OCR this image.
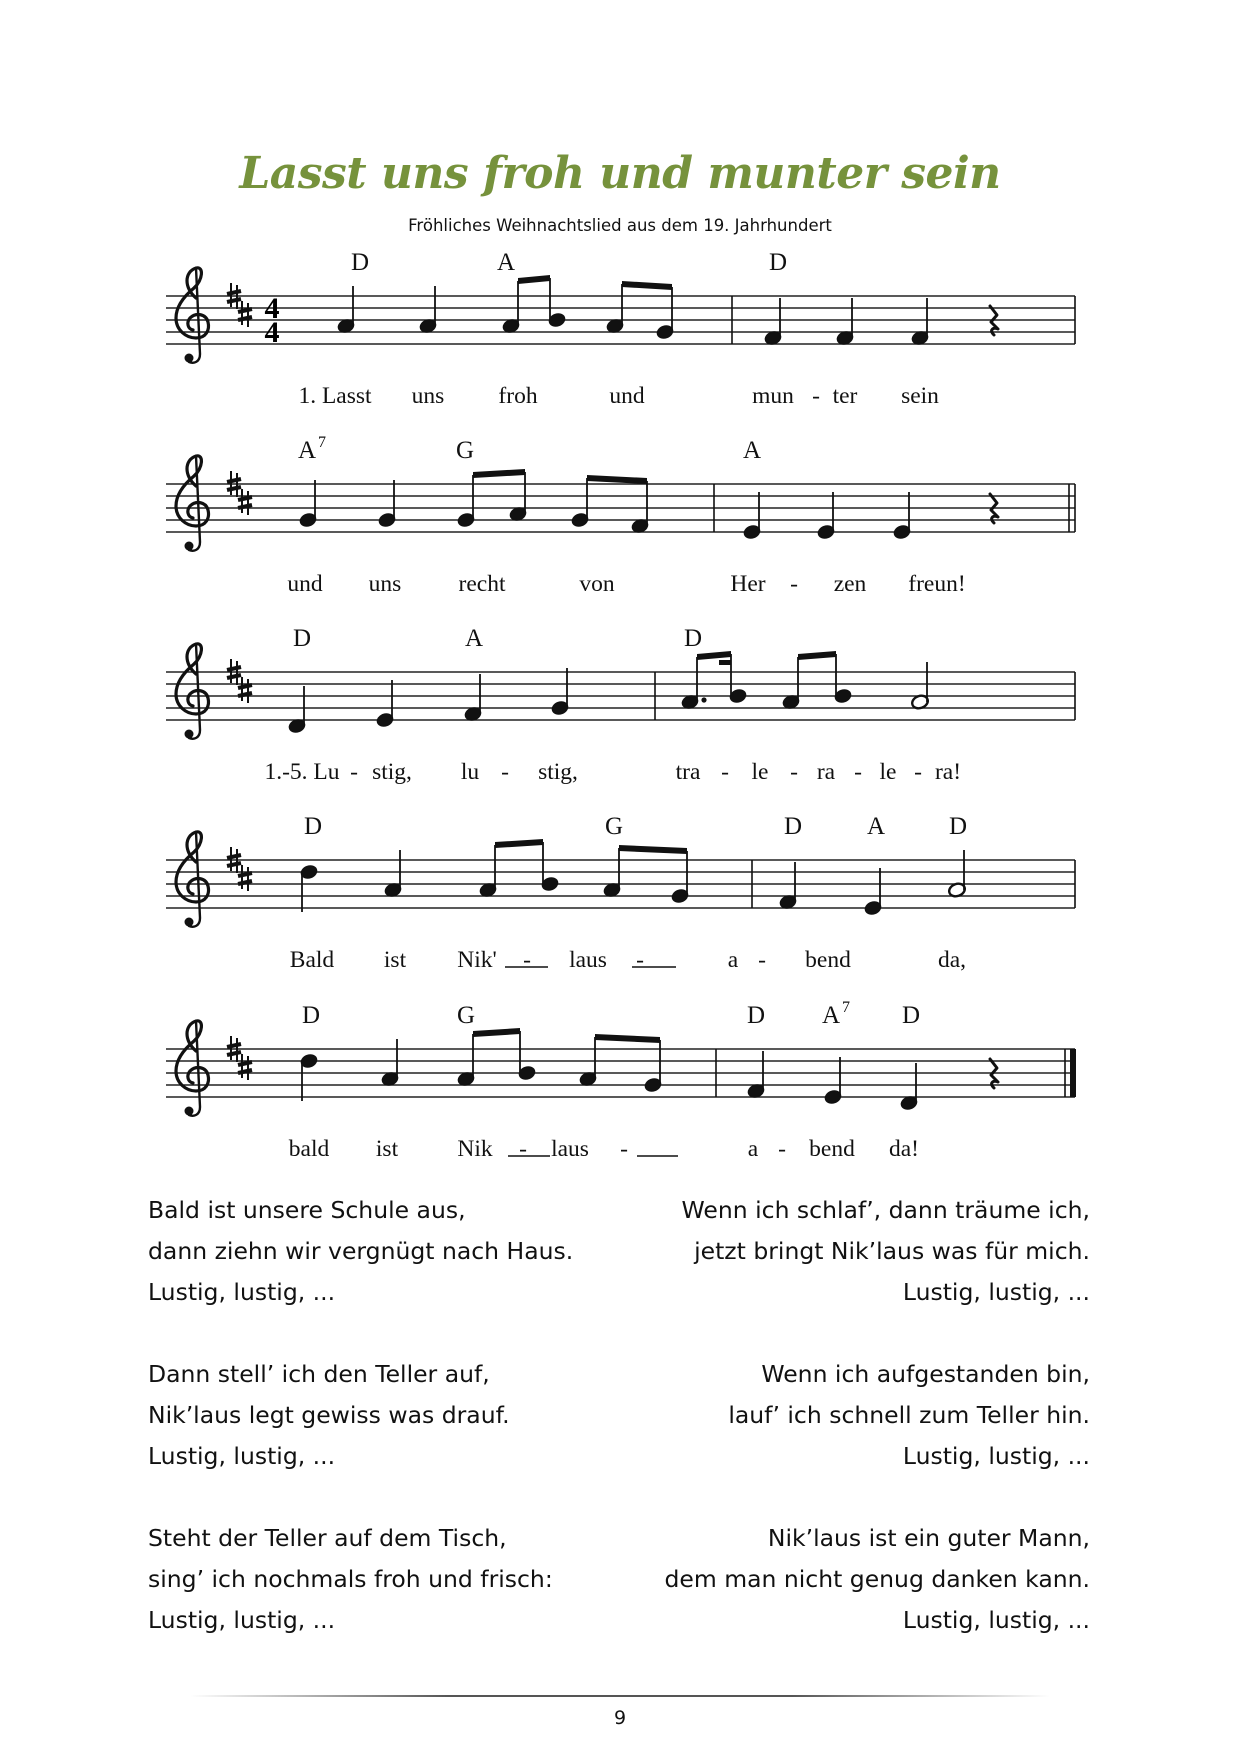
Lasst uns froh und munter sein
Fröhliches Weihnachtslied aus dem 19. Jahrhundert
4
4
D	A	D
1. Lasst uns froh	und	mun - ter sein
A $^7$	G	A
und uns recht	von	Her - zen freun!
D	A	D
1.-5. Lu - stig, lu - stig,	tra - le - ra - le - ra!
D	G	D	A	D
Bald ist Nik' - laus -	a - bend	da,
D	G	D A $^7$ D
bald ist	Nik - laus -	a - bend da!
Bald ist unsere Schule aus,
dann ziehn wir vergnügt nach Haus.
Lustig, lustig, ...
Dann stell’ ich den Teller auf,
Nik’laus legt gewiss was drauf.
Lustig, lustig, ...
Steht der Teller auf dem Tisch,
sing’ ich nochmals froh und frisch:
Lustig, lustig, ...
Wenn ich schlaf’, dann träume ich,
jetzt bringt Nik’laus was für mich.
Lustig, lustig, ...
Wenn ich aufgestanden bin,
lauf’ ich schnell zum Teller hin.
Lustig, lustig, ...
Nik’laus ist ein guter Mann,
dem man nicht genug danken kann.
Lustig, lustig, ...
9
